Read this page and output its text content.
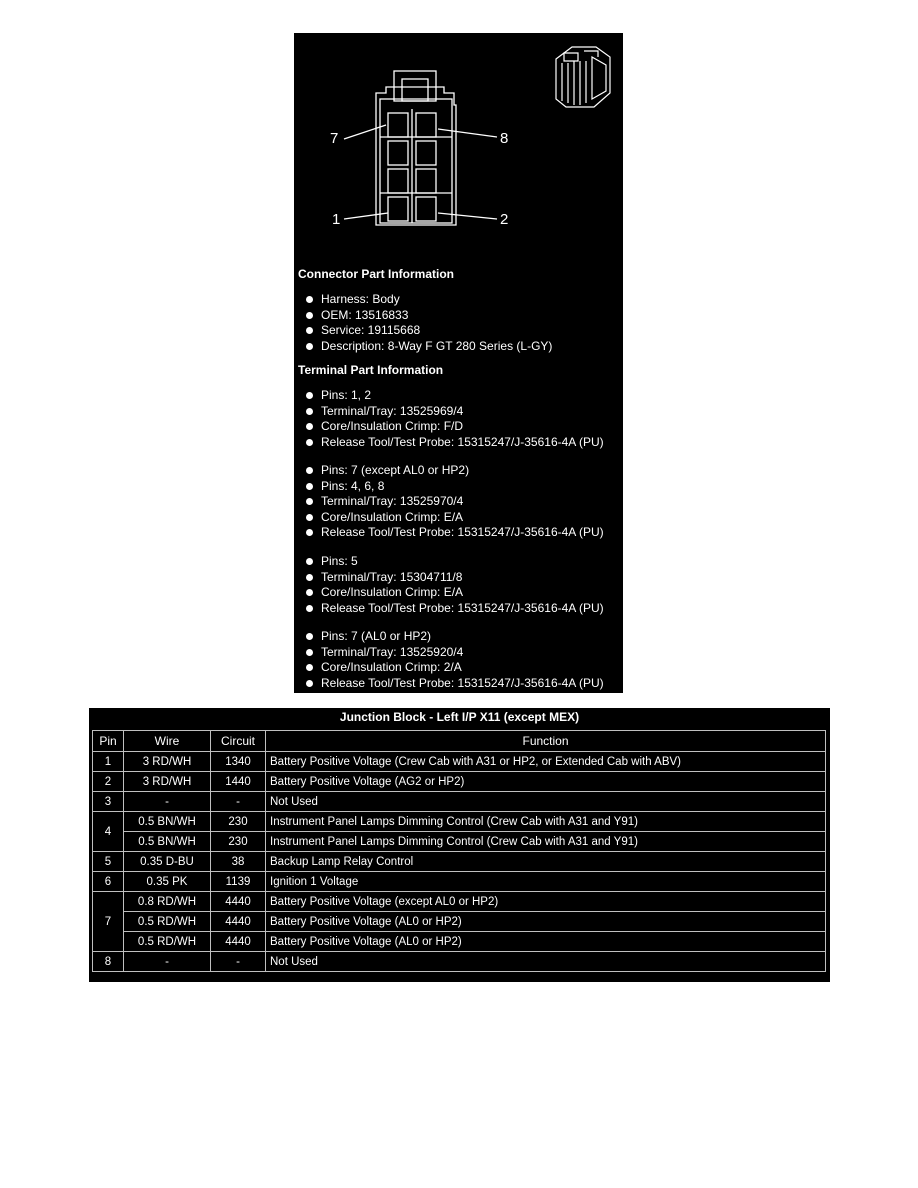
7	8
1	2
Connector Part Information
Harness: Body
OEM: 13516833
Service: 19115668
Description: 8-Way F GT 280 Series (L-GY)
Terminal Part Information
Pins: 1, 2
Terminal/Tray: 13525969/4
Core/Insulation Crimp: F/D
Release Tool/Test Probe: 15315247/J-35616-4A (PU)
Pins: 7 (except AL0 or HP2)
Pins: 4, 6, 8
Terminal/Tray: 13525970/4
Core/Insulation Crimp: E/A
Release Tool/Test Probe: 15315247/J-35616-4A (PU)
Pins: 5
Terminal/Tray: 15304711/8
Core/Insulation Crimp: E/A
Release Tool/Test Probe: 15315247/J-35616-4A (PU)
Pins: 7 (AL0 or HP2)
Terminal/Tray: 13525920/4
Core/Insulation Crimp: 2/A
Release Tool/Test Probe: 15315247/J-35616-4A (PU)
Junction Block - Left I/P X11 (except MEX)
Pin	Wire	Circuit	Function
1	3 RD/WH	1340	Battery Positive Voltage (Crew Cab with A31 or HP2, or Extended Cab with ABV)
2	3 RD/WH	1440	Battery Positive Voltage (AG2 or HP2)
3	-	-	Not Used
4	0.5 BN/WH	230	Instrument Panel Lamps Dimming Control (Crew Cab with A31 and Y91)
	0.5 BN/WH	230	Instrument Panel Lamps Dimming Control (Crew Cab with A31 and Y91)
5	0.35 D-BU	38	Backup Lamp Relay Control
6	0.35 PK	1139	Ignition 1 Voltage
7	0.8 RD/WH	4440	Battery Positive Voltage (except AL0 or HP2)
	0.5 RD/WH	4440	Battery Positive Voltage (AL0 or HP2)
	0.5 RD/WH	4440	Battery Positive Voltage (AL0 or HP2)
8	-	-	Not Used
